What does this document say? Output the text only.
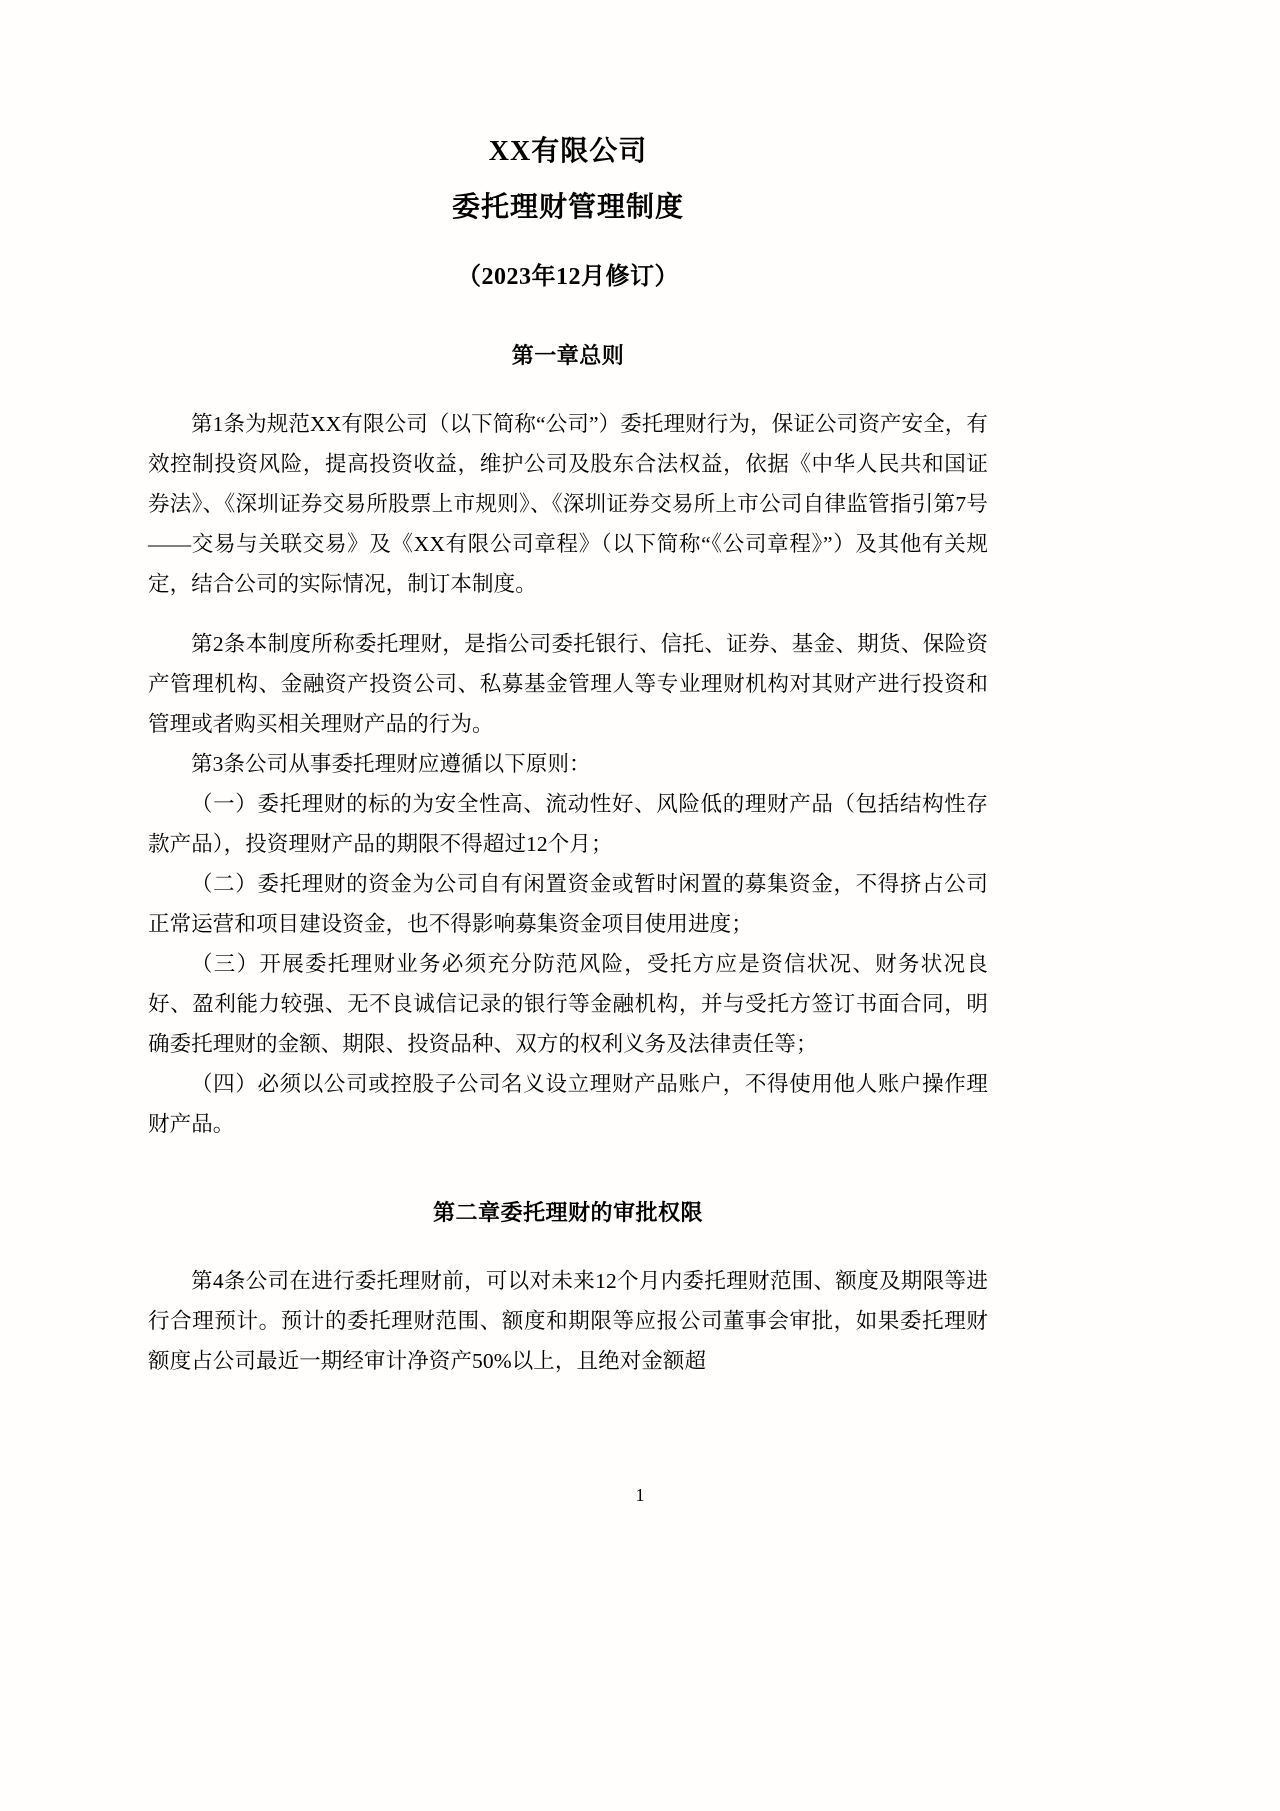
XX有限公司
委托理财管理制度
（2023年12月修订）
第一章总则

第1条为规范XX有限公司（以下简称“公司”）委托理财行为，保证公司资产安全，有效控制投资风险，提高投资收益，维护公司及股东合法权益，依据《中华人民共和国证券法》、《深圳证券交易所股票上市规则》、《深圳证券交易所上市公司自律监管指引第7号——交易与关联交易》及《XX有限公司章程》（以下简称“《公司章程》”）及其他有关规定，结合公司的实际情况，制订本制度。

第2条本制度所称委托理财，是指公司委托银行、信托、证券、基金、期货、保险资产管理机构、金融资产投资公司、私募基金管理人等专业理财机构对其财产进行投资和管理或者购买相关理财产品的行为。

第3条公司从事委托理财应遵循以下原则：

（一）委托理财的标的为安全性高、流动性好、风险低的理财产品（包括结构性存款产品），投资理财产品的期限不得超过12个月；

（二）委托理财的资金为公司自有闲置资金或暂时闲置的募集资金，不得挤占公司正常运营和项目建设资金，也不得影响募集资金项目使用进度；

（三）开展委托理财业务必须充分防范风险，受托方应是资信状况、财务状况良好、盈利能力较强、无不良诚信记录的银行等金融机构，并与受托方签订书面合同，明确委托理财的金额、期限、投资品种、双方的权利义务及法律责任等；

（四）必须以公司或控股子公司名义设立理财产品账户，不得使用他人账户操作理财产品。

第二章委托理财的审批权限

第4条公司在进行委托理财前，可以对未来12个月内委托理财范围、额度及期限等进行合理预计。预计的委托理财范围、额度和期限等应报公司董事会审批，如果委托理财额度占公司最近一期经审计净资产50%以上，且绝对金额超

1
